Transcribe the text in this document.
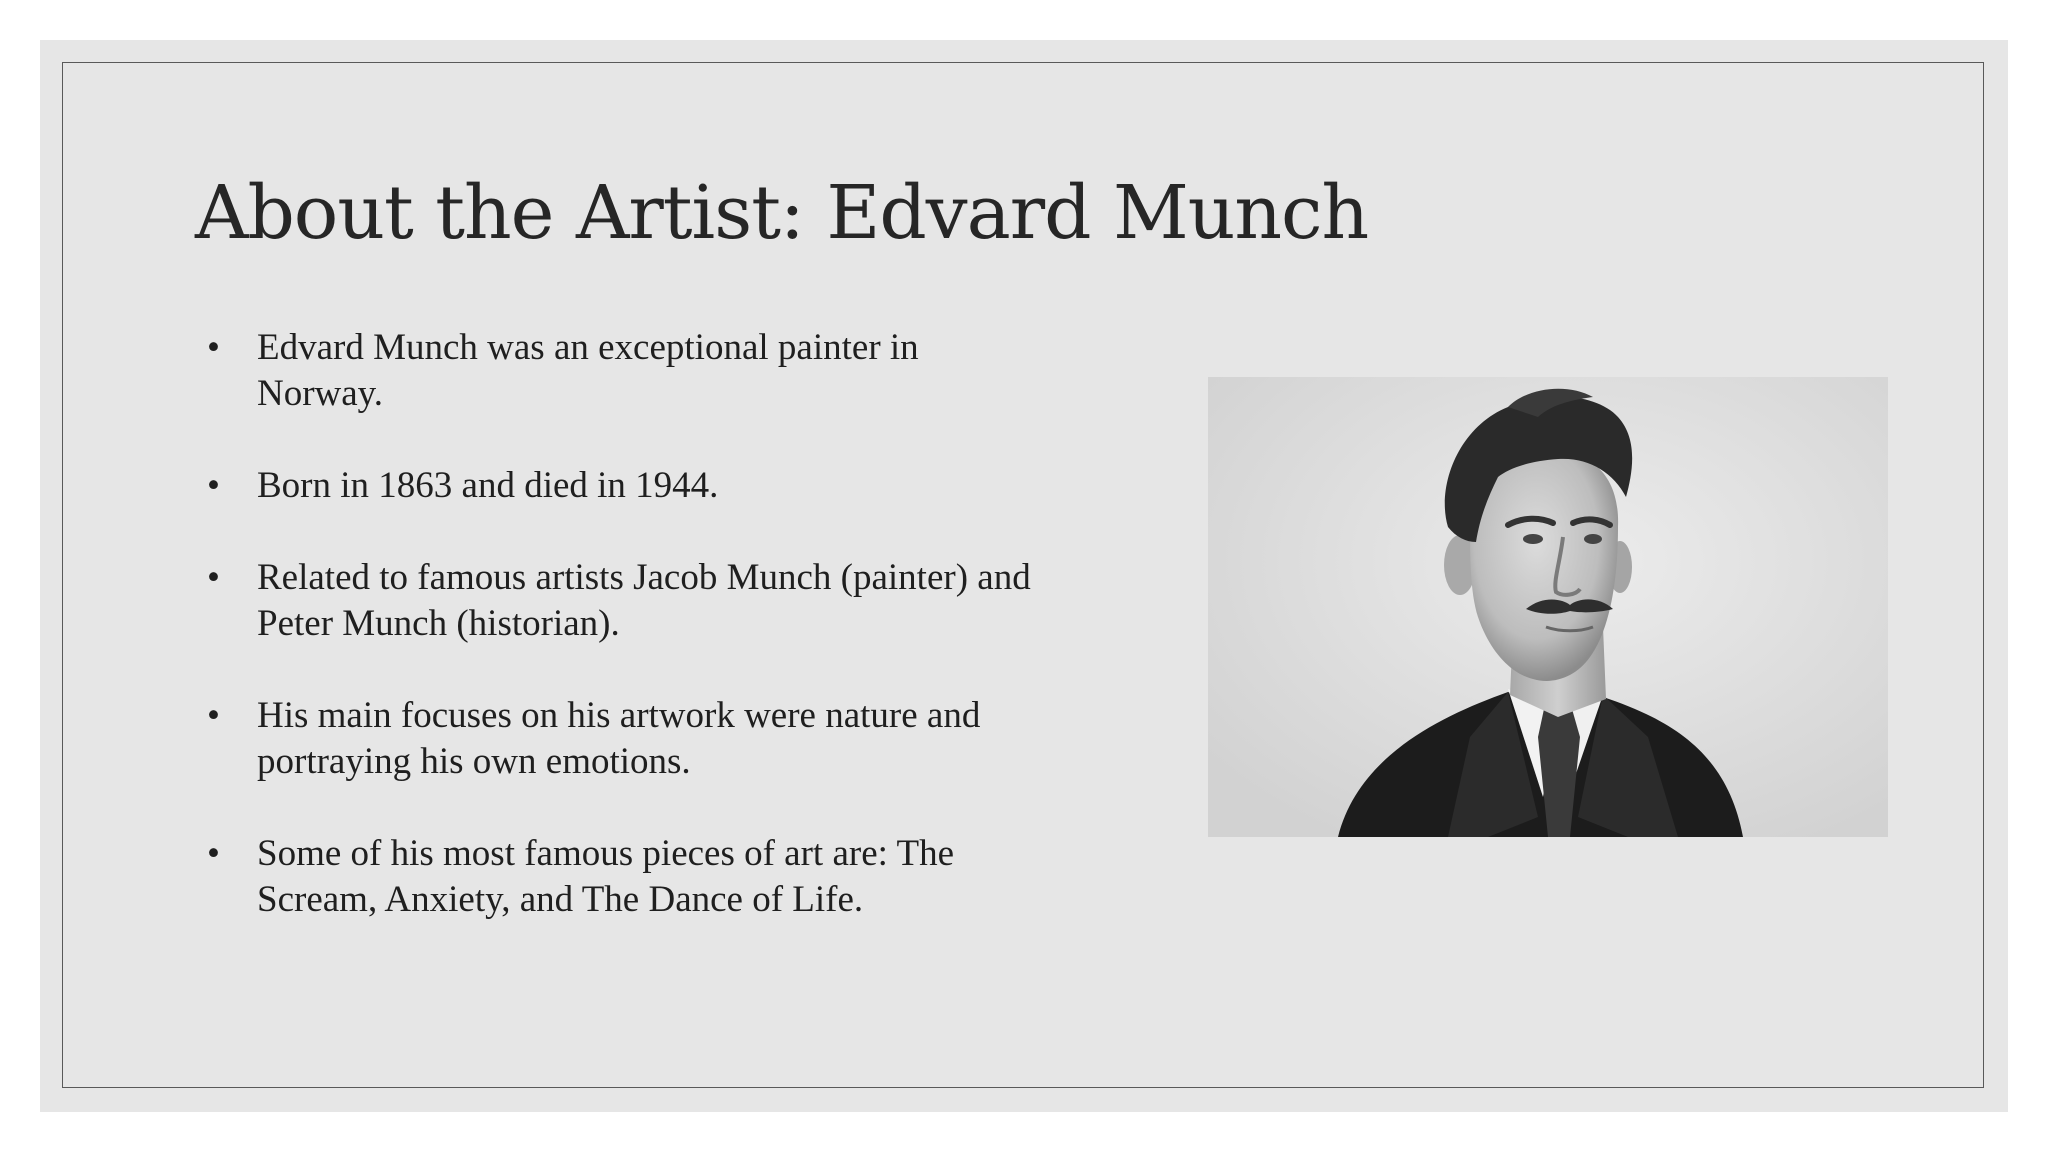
About the Artist: Edvard Munch
• Edvard Munch was an exceptional painter in Norway.
• Born in 1863 and died in 1944.
• Related to famous artists Jacob Munch (painter) and Peter Munch (historian).
• His main focuses on his artwork were nature and portraying his own emotions.
• Some of his most famous pieces of art are: The Scream, Anxiety, and The Dance of Life.
